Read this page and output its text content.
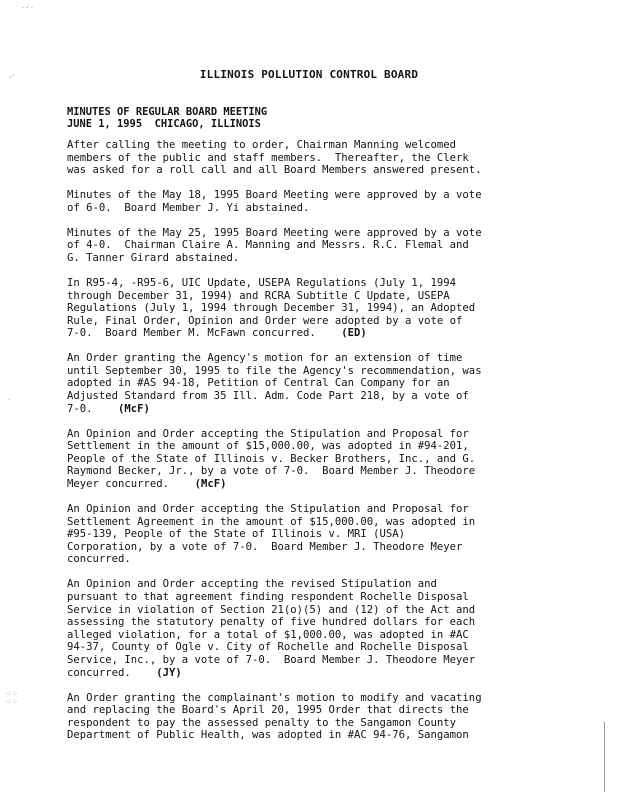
· · ·
◦ʾ
·
⁘⁘
⁘⁘
ILLINOIS POLLUTION CONTROL BOARD
MINUTES OF REGULAR BOARD MEETING
JUNE 1, 1995  CHICAGO, ILLINOIS

After calling the meeting to order, Chairman Manning welcomed
members of the public and staff members.  Thereafter, the Clerk
was asked for a roll call and all Board Members answered present.

Minutes of the May 18, 1995 Board Meeting were approved by a vote
of 6-0.  Board Member J. Yi abstained.

Minutes of the May 25, 1995 Board Meeting were approved by a vote
of 4-0.  Chairman Claire A. Manning and Messrs. R.C. Flemal and
G. Tanner Girard abstained.

In R95-4, -R95-6, UIC Update, USEPA Regulations (July 1, 1994
through December 31, 1994) and RCRA Subtitle C Update, USEPA
Regulations (July 1, 1994 through December 31, 1994), an Adopted
Rule, Final Order, Opinion and Order were adopted by a vote of
7-0.  Board Member M. McFawn concurred.    (ED)

An Order granting the Agency's motion for an extension of time
until September 30, 1995 to file the Agency's recommendation, was
adopted in #AS 94-18, Petition of Central Can Company for an
Adjusted Standard from 35 Ill. Adm. Code Part 218, by a vote of
7-0.    (McF)

An Opinion and Order accepting the Stipulation and Proposal for
Settlement in the amount of $15,000.00, was adopted in #94-201,
People of the State of Illinois v. Becker Brothers, Inc., and G.
Raymond Becker, Jr., by a vote of 7-0.  Board Member J. Theodore
Meyer concurred.    (McF)

An Opinion and Order accepting the Stipulation and Proposal for
Settlement Agreement in the amount of $15,000.00, was adopted in
#95-139, People of the State of Illinois v. MRI (USA)
Corporation, by a vote of 7-0.  Board Member J. Theodore Meyer
concurred.

An Opinion and Order accepting the revised Stipulation and
pursuant to that agreement finding respondent Rochelle Disposal
Service in violation of Section 21(o)(5) and (12) of the Act and
assessing the statutory penalty of five hundred dollars for each
alleged violation, for a total of $1,000.00, was adopted in #AC
94-37, County of Ogle v. City of Rochelle and Rochelle Disposal
Service, Inc., by a vote of 7-0.  Board Member J. Theodore Meyer
concurred.    (JY)

An Order granting the complainant's motion to modify and vacating
and replacing the Board's April 20, 1995 Order that directs the
respondent to pay the assessed penalty to the Sangamon County
Department of Public Health, was adopted in #AC 94-76, Sangamon
